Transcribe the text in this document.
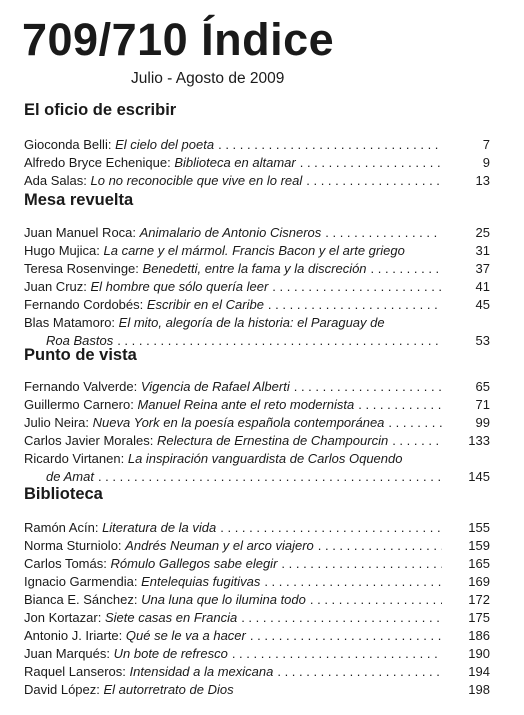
709/710 Índice
Julio - Agosto de 2009
El oficio de escribir
Gioconda Belli:
El cielo del poeta . . .	7
Alfredo Bryce Echenique:
Biblioteca en altamar . . .	9
Ada Salas:
Lo no reconocible que vive en lo real . . .	13
Mesa revuelta
Juan Manuel Roca:
Animalario de Antonio Cisneros . . .	25
Hugo Mujica:
La carne y el mármol. Francis Bacon y el arte griego	31
Teresa Rosenvinge:
Benedetti, entre la fama y la discreción . . .	37
Juan Cruz:
El hombre que sólo quería leer . . .	41
Fernando Cordobés:
Escribir en el Caribe . . .	45
Blas Matamoro:
El mito, alegoría de la historia: el Paraguay de
Roa Bastos . . .	53
Punto de vista
Fernando Valverde:
Vigencia de Rafael Alberti . . .	65
Guillermo Carnero:
Manuel Reina ante el reto modernista . . .	71
Julio Neira:
Nueva York en la poesía española contemporánea . . .	99
Carlos Javier Morales:
Relectura de Ernestina de Champourcin . . .	133
Ricardo Virtanen:
La inspiración vanguardista de Carlos Oquendo
de Amat . . .	145
Biblioteca
Ramón Acín:
Literatura de la vida . . .	155
Norma Sturniolo:
Andrés Neuman y el arco viajero . . .	159
Carlos Tomás:
Rómulo Gallegos sabe elegir . . .	165
Ignacio Garmendia:
Entelequias fugitivas . . .	169
Bianca E. Sánchez:
Una luna que lo ilumina todo . . .	172
Jon Kortazar:
Siete casas en Francia . . .	175
Antonio J. Iriarte:
Qué se le va a hacer . . .	186
Juan Marqués:
Un bote de refresco . . .	190
Raquel Lanseros:
Intensidad a la mexicana . . .	194
David López:
El autorretrato de Dios	198
